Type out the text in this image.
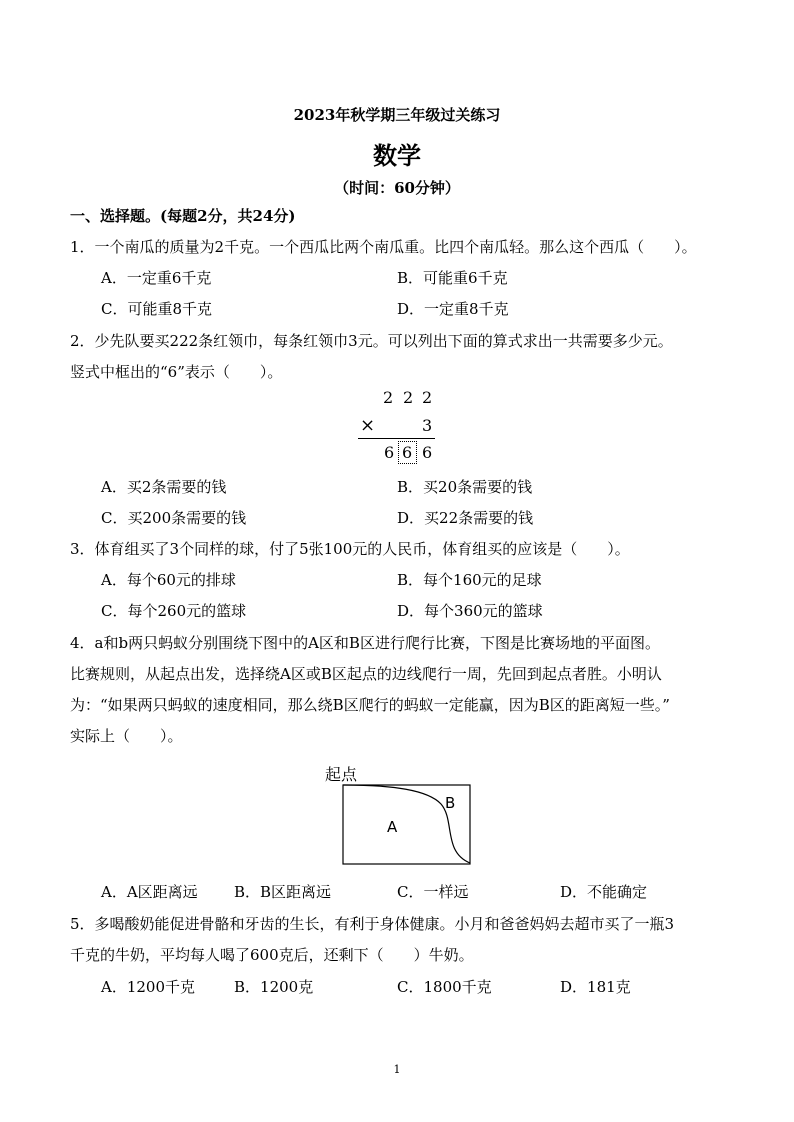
2023年秋学期三年级过关练习
数学
（时间：60分钟）
一、选择题。(每题2分，共24分)
1．一个南瓜的质量为2千克。一个西瓜比两个南瓜重。比四个南瓜轻。那么这个西瓜（　　）。
A．一定重6千克	B．可能重6千克
C．可能重8千克	D．一定重8千克
2．少先队要买222条红领巾，每条红领巾3元。可以列出下面的算式求出一共需要多少元。
竖式中框出的“6”表示（　　）。
2 2 2
×	3
6 6 6
A．买2条需要的钱	B．买20条需要的钱
C．买200条需要的钱	D．买22条需要的钱
3．体育组买了3个同样的球，付了5张100元的人民币，体育组买的应该是（　　）。
A．每个60元的排球	B．每个160元的足球
C．每个260元的篮球	D．每个360元的篮球
4．a和b两只蚂蚁分别围绕下图中的A区和B区进行爬行比赛，下图是比赛场地的平面图。
比赛规则，从起点出发，选择绕A区或B区起点的边线爬行一周，先回到起点者胜。小明认
为：“如果两只蚂蚁的速度相同，那么绕B区爬行的蚂蚁一定能赢，因为B区的距离短一些。”
实际上（　　）。
起点
B
A
A．A区距离远 B．B区距离远	C．一样远	D．不能确定
5．多喝酸奶能促进骨骼和牙齿的生长，有利于身体健康。小月和爸爸妈妈去超市买了一瓶3
千克的牛奶，平均每人喝了600克后，还剩下（　　）牛奶。
A．1200千克	B．1200克	C．1800千克	D．181克
1
